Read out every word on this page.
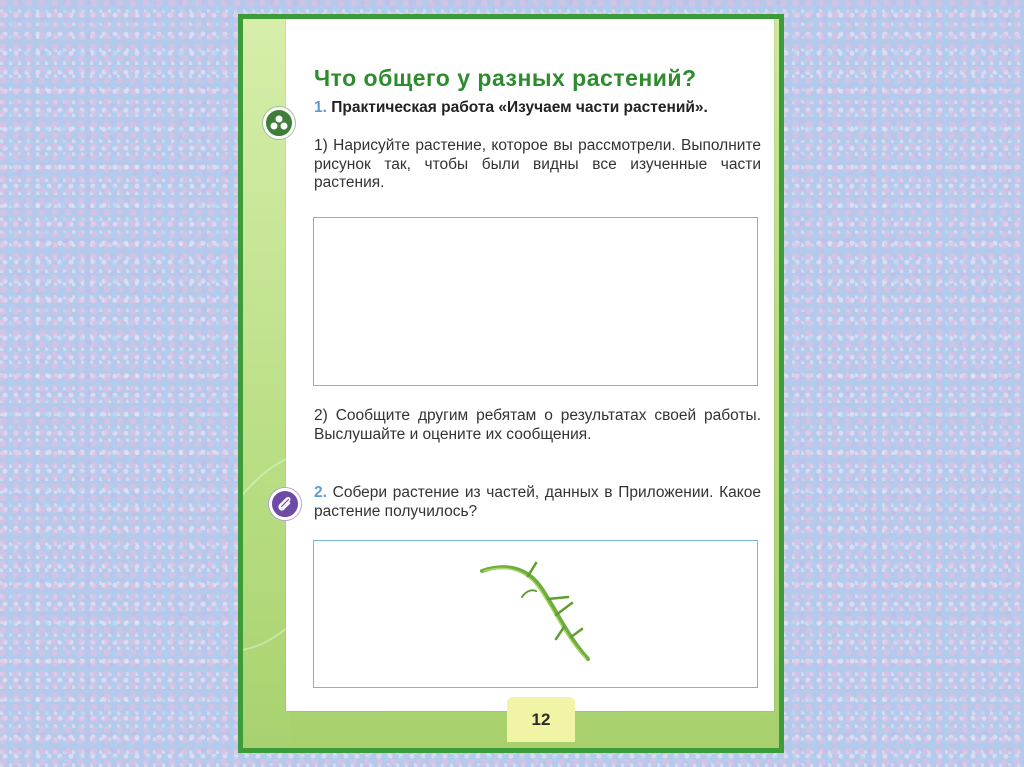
Что общего у разных растений?
1. Практическая работа «Изучаем части растений».
1) Нарисуйте растение, которое вы рассмотрели. Выполните рисунок так, чтобы были видны все изученные части растения.
2) Сообщите другим ребятам о результатах своей работы. Выслушайте и оцените их сообщения.
2. Собери растение из частей, данных в Приложении. Какое растение получилось?
12
